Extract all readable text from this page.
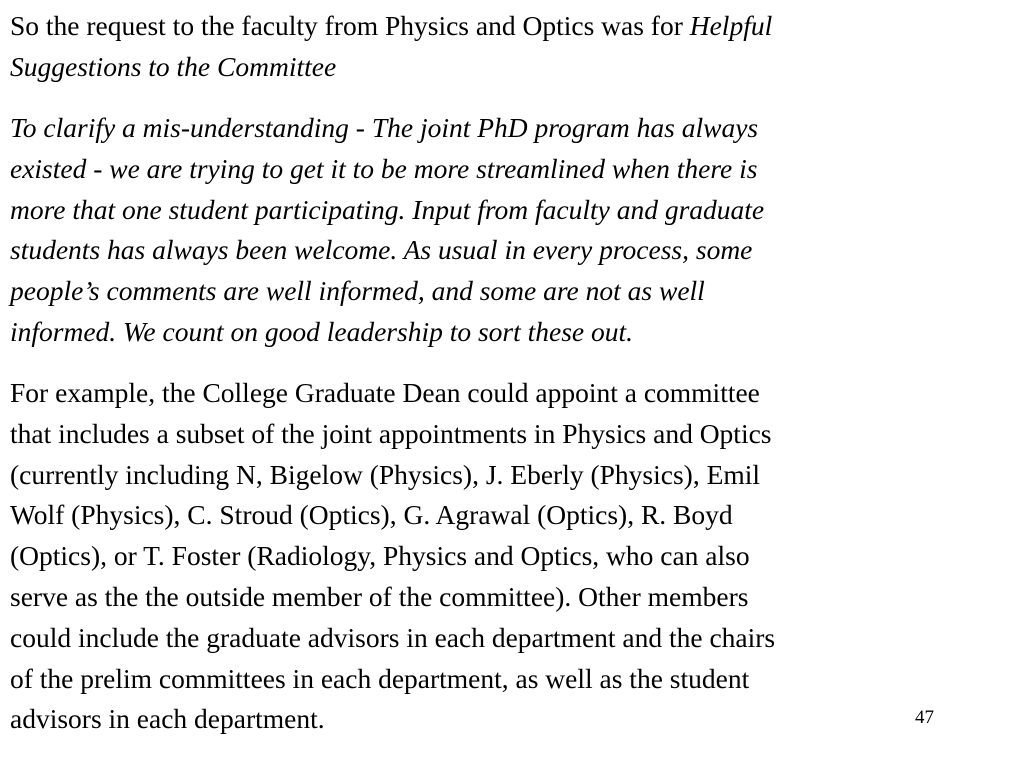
So the request to the faculty from Physics and Optics was for Helpful
Suggestions to the Committee
To clarify a mis-understanding - The joint PhD program has always
existed - we are trying to get it to be more streamlined when there is
more that one student participating. Input from faculty and graduate
students has always been welcome. As usual in every process, some
people’s comments are well informed, and some are not as well
informed. We count on good leadership to sort these out.
For example, the College Graduate Dean could appoint a committee
that includes a subset of the joint appointments in Physics and Optics
(currently including N, Bigelow (Physics), J. Eberly (Physics), Emil
Wolf (Physics), C. Stroud (Optics), G. Agrawal (Optics), R. Boyd
(Optics), or T. Foster (Radiology, Physics and Optics, who can also
serve as the the outside member of the committee). Other members
could include the graduate advisors in each department and the chairs
of the prelim committees in each department, as well as the student
advisors in each department.	47
